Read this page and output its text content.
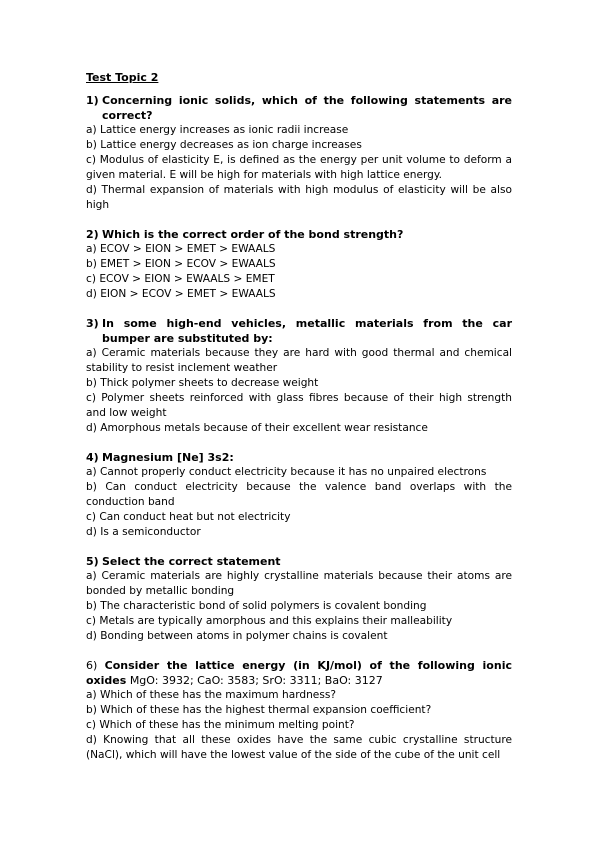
Test Topic 2
1) Concerning ionic solids, which of the following statements are correct?

a) Lattice energy increases as ionic radii increase

b) Lattice energy decreases as ion charge increases

c) Modulus of elasticity E, is defined as the energy per unit volume to deform a given material. E will be high for materials with high lattice energy.

d) Thermal expansion of materials with high modulus of elasticity will be also high

2) Which is the correct order of the bond strength?

a) ECOV > EION > EMET > EWAALS

b) EMET > EION > ECOV > EWAALS

c) ECOV > EION > EWAALS > EMET

d) EION > ECOV > EMET > EWAALS

3) In some high-end vehicles, metallic materials from the car bumper are substituted by:

a) Ceramic materials because they are hard with good thermal and chemical stability to resist inclement weather

b) Thick polymer sheets to decrease weight

c) Polymer sheets reinforced with glass fibres because of their high strength and low weight

d) Amorphous metals because of their excellent wear resistance

4) Magnesium [Ne] 3s2:

a) Cannot properly conduct electricity because it has no unpaired electrons

b) Can conduct electricity because the valence band overlaps with the conduction band

c) Can conduct heat but not electricity

d) Is a semiconductor

5) Select the correct statement

a) Ceramic materials are highly crystalline materials because their atoms are bonded by metallic bonding

b) The characteristic bond of solid polymers is covalent bonding

c) Metals are typically amorphous and this explains their malleability

d) Bonding between atoms in polymer chains is covalent

6) Consider the lattice energy (in KJ/mol) of the following ionic oxides MgO: 3932; CaO: 3583; SrO: 3311; BaO: 3127

a) Which of these has the maximum hardness?

b) Which of these has the highest thermal expansion coefficient?

c) Which of these has the minimum melting point?

d) Knowing that all these oxides have the same cubic crystalline structure (NaCl), which will have the lowest value of the side of the cube of the unit cell
